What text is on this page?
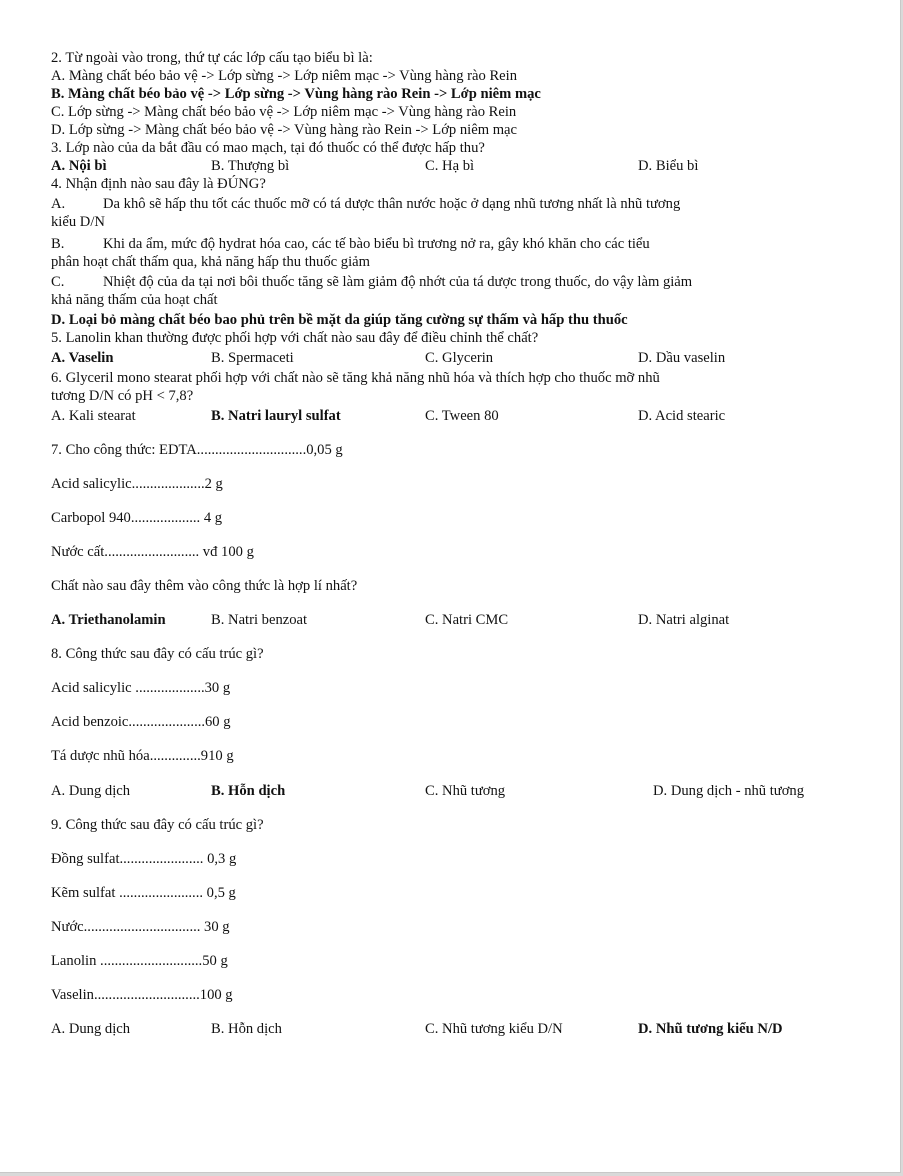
2. Từ ngoài vào trong, thứ tự các lớp cấu tạo biểu bì là:
A. Màng chất béo bảo vệ -> Lớp sừng -> Lớp niêm mạc -> Vùng hàng rào Rein
B. Màng chất béo bảo vệ -> Lớp sừng -> Vùng hàng rào Rein -> Lớp niêm mạc
C. Lớp sừng -> Màng chất béo bảo vệ -> Lớp niêm mạc -> Vùng hàng rào Rein
D. Lớp sừng -> Màng chất béo bảo vệ -> Vùng hàng rào Rein -> Lớp niêm mạc
3. Lớp nào của da bắt đầu có mao mạch, tại đó thuốc có thể được hấp thu?
A. Nội bì	B. Thượng bì	C. Hạ bì	D. Biểu bì
4. Nhận định nào sau đây là ĐÚNG?
A.	Da khô sẽ hấp thu tốt các thuốc mỡ có tá dược thân nước hoặc ở dạng nhũ tương nhất là nhũ tương
kiểu D/N
B.	Khi da ẩm, mức độ hydrat hóa cao, các tế bào biểu bì trương nở ra, gây khó khăn cho các tiểu
phân hoạt chất thấm qua, khả năng hấp thu thuốc giảm
C.	Nhiệt độ của da tại nơi bôi thuốc tăng sẽ làm giảm độ nhớt của tá dược trong thuốc, do vậy làm giảm
khả năng thấm của hoạt chất
D. Loại bỏ màng chất béo bao phủ trên bề mặt da giúp tăng cường sự thấm và hấp thu thuốc
5. Lanolin khan thường được phối hợp với chất nào sau đây để điều chỉnh thể chất?
A. Vaselin	B. Spermaceti	C. Glycerin	D. Dầu vaselin
6. Glyceril mono stearat phối hợp với chất nào sẽ tăng khả năng nhũ hóa và thích hợp cho thuốc mỡ nhũ
tương D/N có pH < 7,8?
A. Kali stearat	B. Natri lauryl sulfat	C. Tween 80	D. Acid stearic
7. Cho công thức: EDTA..............................0,05 g
Acid salicylic....................2 g
Carbopol 940................... 4 g
Nước cất.......................... vđ 100 g
Chất nào sau đây thêm vào công thức là hợp lí nhất?
A. Triethanolamin	B. Natri benzoat	C. Natri CMC	D. Natri alginat
8. Công thức sau đây có cấu trúc gì?
Acid salicylic ...................30 g
Acid benzoic.....................60 g
Tá dược nhũ hóa..............910 g
A. Dung dịch	B. Hỗn dịch	C. Nhũ tương	D. Dung dịch - nhũ tương
9. Công thức sau đây có cấu trúc gì?
Đồng sulfat....................... 0,3 g
Kẽm sulfat ....................... 0,5 g
Nước................................ 30 g
Lanolin ............................50 g
Vaselin.............................100 g
A. Dung dịch	B. Hỗn dịch	C. Nhũ tương kiểu D/N	D. Nhũ tương kiểu N/D
